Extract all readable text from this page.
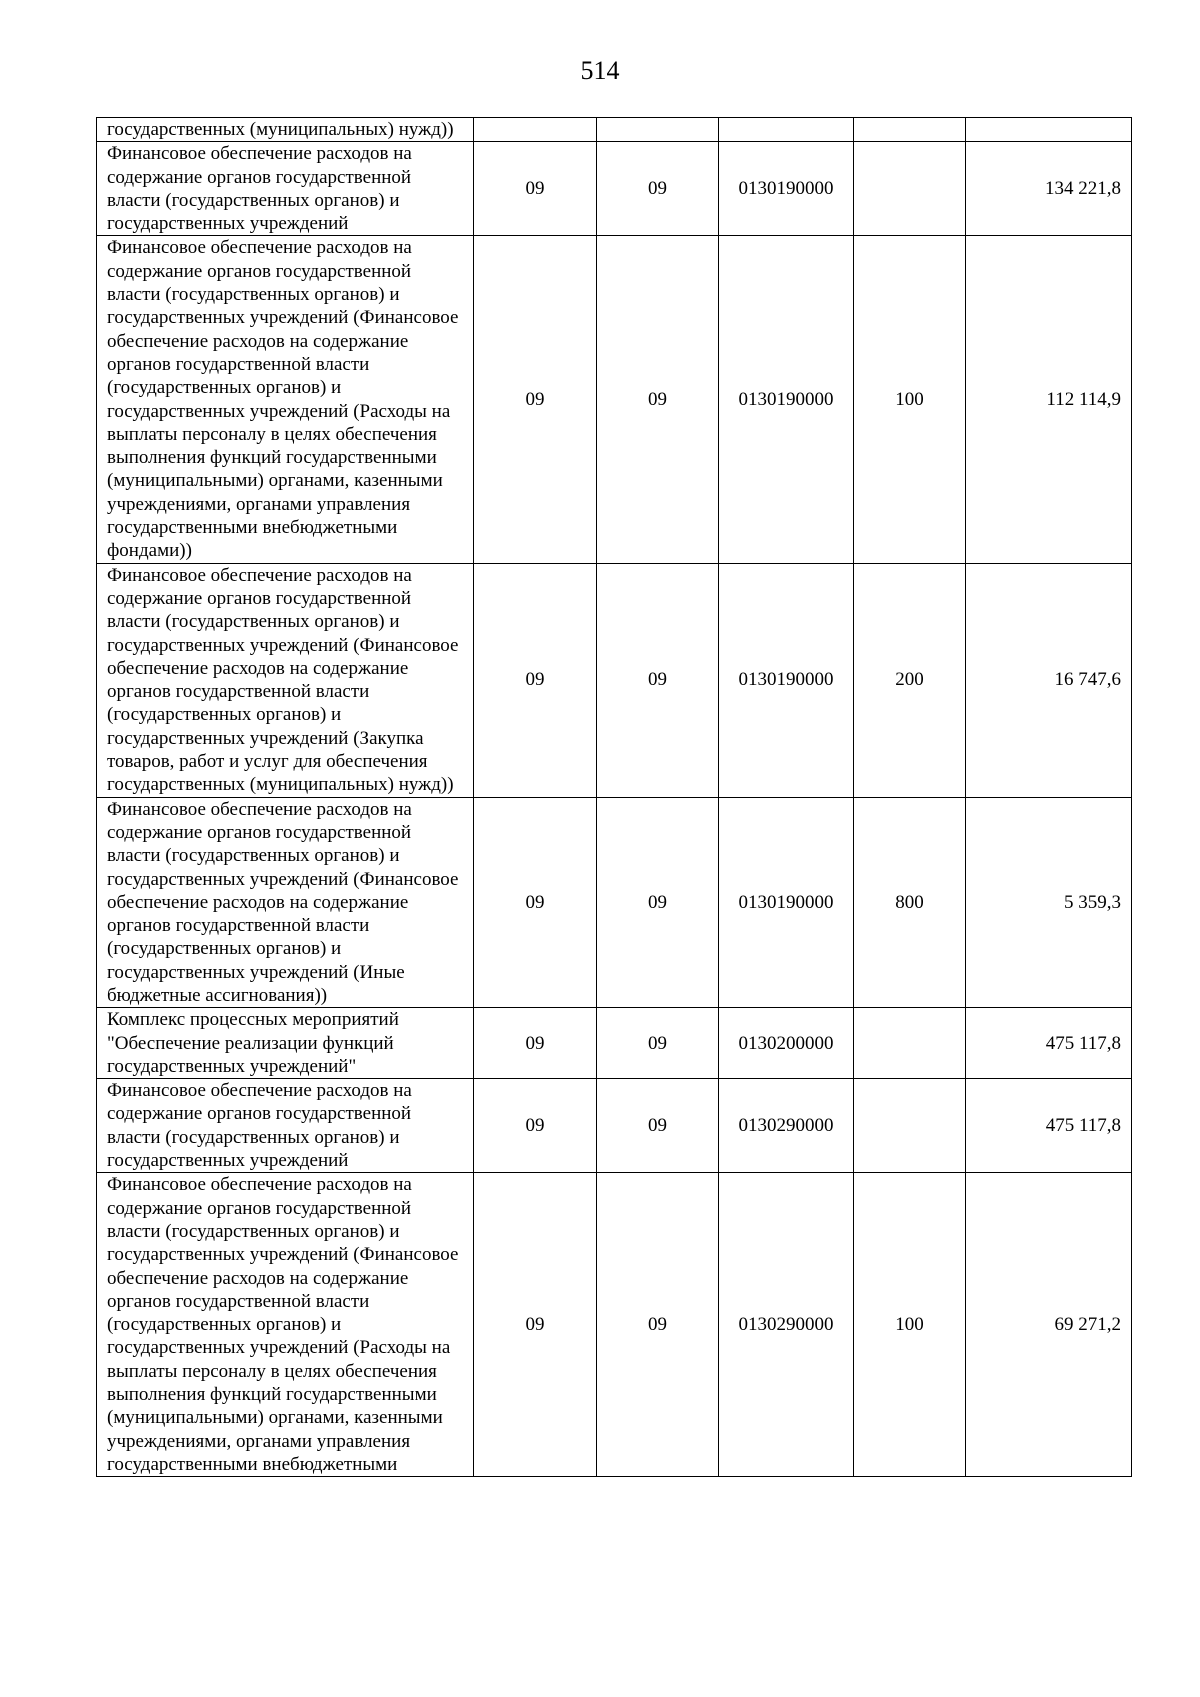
514
государственных (муниципальных) нужд))					
Финансовое обеспечение расходов на содержание органов государственной власти (государственных органов) и государственных учреждений	09	09	0130190000		134 221,8
Финансовое обеспечение расходов на содержание органов государственной власти (государственных органов) и государственных учреждений (Финансовое обеспечение расходов на содержание органов государственной власти (государственных органов) и государственных учреждений (Расходы на выплаты персоналу в целях обеспечения выполнения функций государственными (муниципальными) органами, казенными учреждениями, органами управления государственными внебюджетными фондами))	09	09	0130190000	100	112 114,9
Финансовое обеспечение расходов на содержание органов государственной власти (государственных органов) и государственных учреждений (Финансовое обеспечение расходов на содержание органов государственной власти (государственных органов) и государственных учреждений (Закупка товаров, работ и услуг для обеспечения государственных (муниципальных) нужд))	09	09	0130190000	200	16 747,6
Финансовое обеспечение расходов на содержание органов государственной власти (государственных органов) и государственных учреждений (Финансовое обеспечение расходов на содержание органов государственной власти (государственных органов) и государственных учреждений (Иные бюджетные ассигнования))	09	09	0130190000	800	5 359,3
Комплекс процессных мероприятий "Обеспечение реализации функций государственных учреждений"	09	09	0130200000		475 117,8
Финансовое обеспечение расходов на содержание органов государственной власти (государственных органов) и государственных учреждений	09	09	0130290000		475 117,8
Финансовое обеспечение расходов на содержание органов государственной власти (государственных органов) и государственных учреждений (Финансовое обеспечение расходов на содержание органов государственной власти (государственных органов) и государственных учреждений (Расходы на выплаты персоналу в целях обеспечения выполнения функций государственными (муниципальными) органами, казенными учреждениями, органами управления государственными внебюджетными	09	09	0130290000	100	69 271,2
